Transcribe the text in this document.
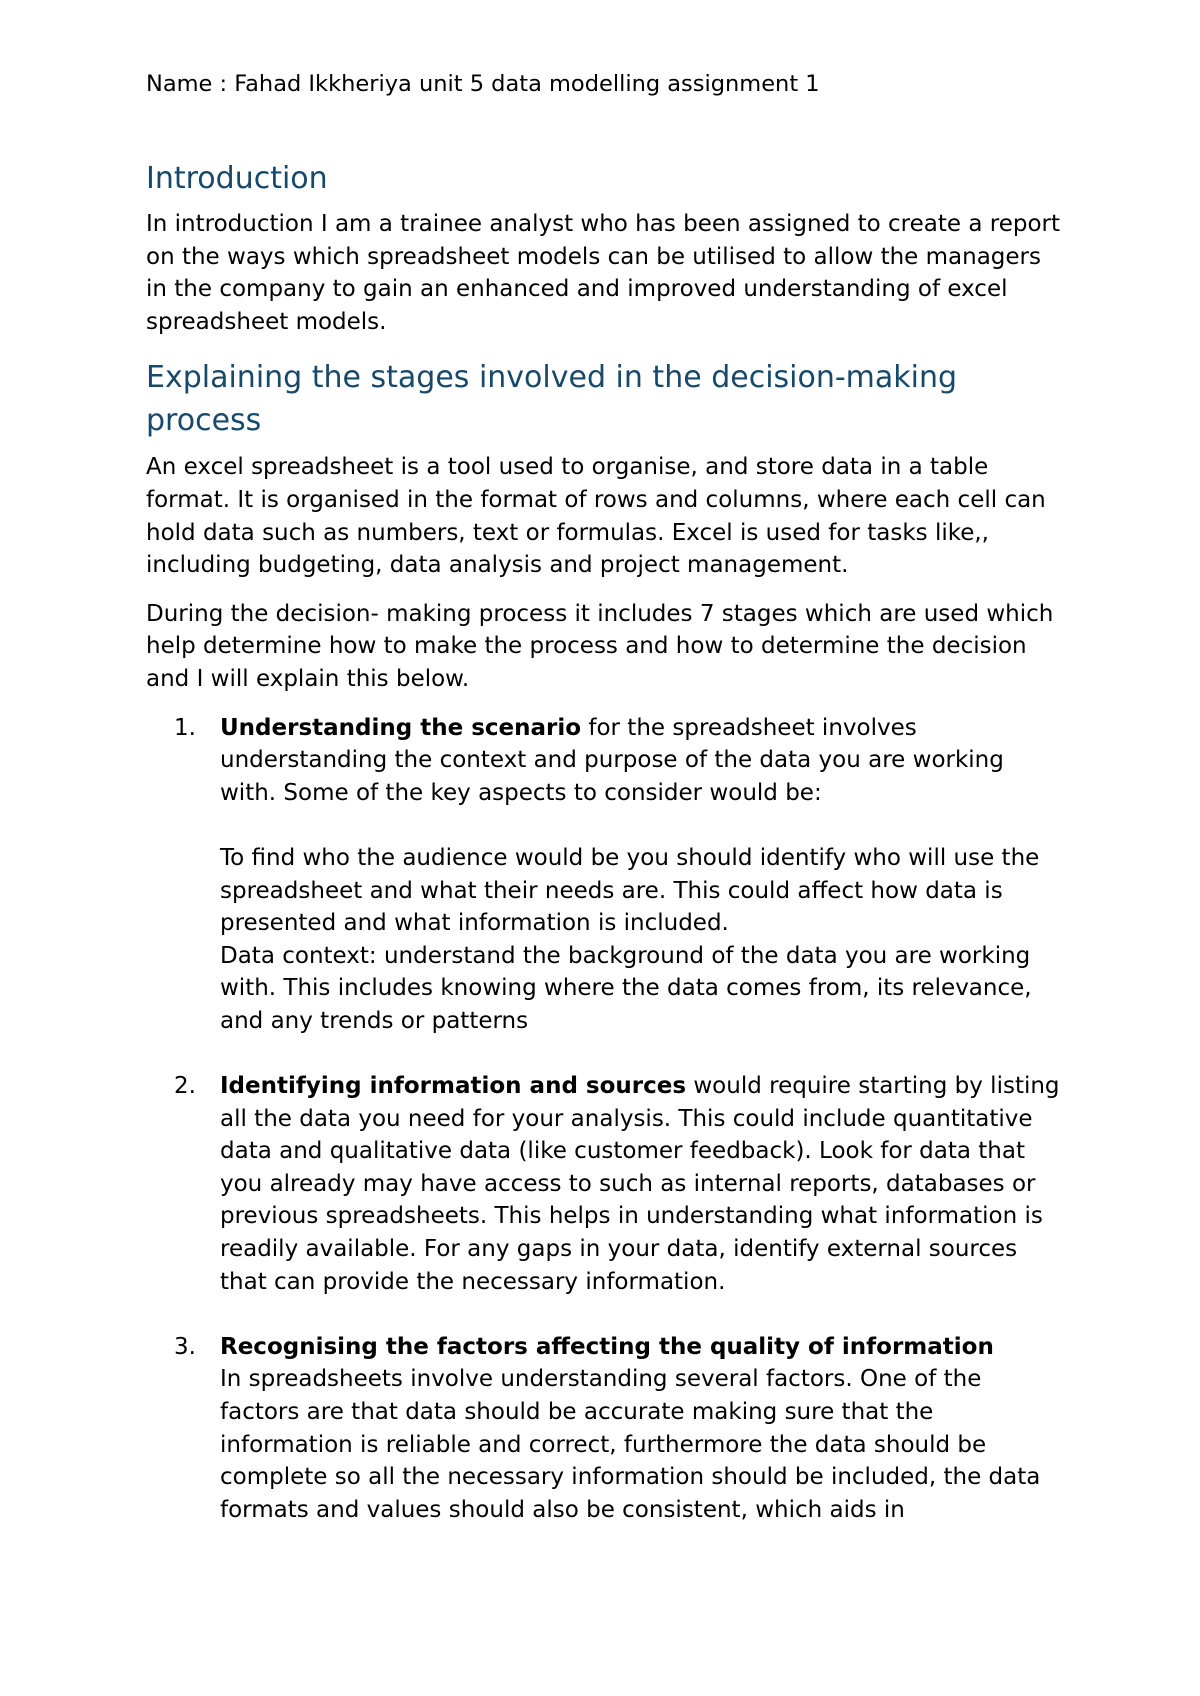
Name : Fahad Ikkheriya unit 5 data modelling assignment 1

Introduction

In introduction I am a trainee analyst who has been assigned to create a report on the ways which spreadsheet models can be utilised to allow the managers in the company to gain an enhanced and improved understanding of excel spreadsheet models.

Explaining the stages involved in the decision-making process

An excel spreadsheet is a tool used to organise, and store data in a table format. It is organised in the format of rows and columns, where each cell can hold data such as numbers, text or formulas. Excel is used for tasks like,, including budgeting, data analysis and project management.

During the decision- making process it includes 7 stages which are used which help determine how to make the process and how to determine the decision and I will explain this below.

1. Understanding the scenario for the spreadsheet involves understanding the context and purpose of the data you are working with. Some of the key aspects to consider would be:
To find who the audience would be you should identify who will use the spreadsheet and what their needs are. This could affect how data is presented and what information is included.
Data context: understand the background of the data you are working with. This includes knowing where the data comes from, its relevance, and any trends or patterns
2. Identifying information and sources would require starting by listing all the data you need for your analysis. This could include quantitative data and qualitative data (like customer feedback). Look for data that you already may have access to such as internal reports, databases or previous spreadsheets. This helps in understanding what information is readily available. For any gaps in your data, identify external sources that can provide the necessary information.
3. Recognising the factors affecting the quality of information
In spreadsheets involve understanding several factors. One of the factors are that data should be accurate making sure that the information is reliable and correct, furthermore the data should be complete so all the necessary information should be included, the data formats and values should also be consistent, which aids in
